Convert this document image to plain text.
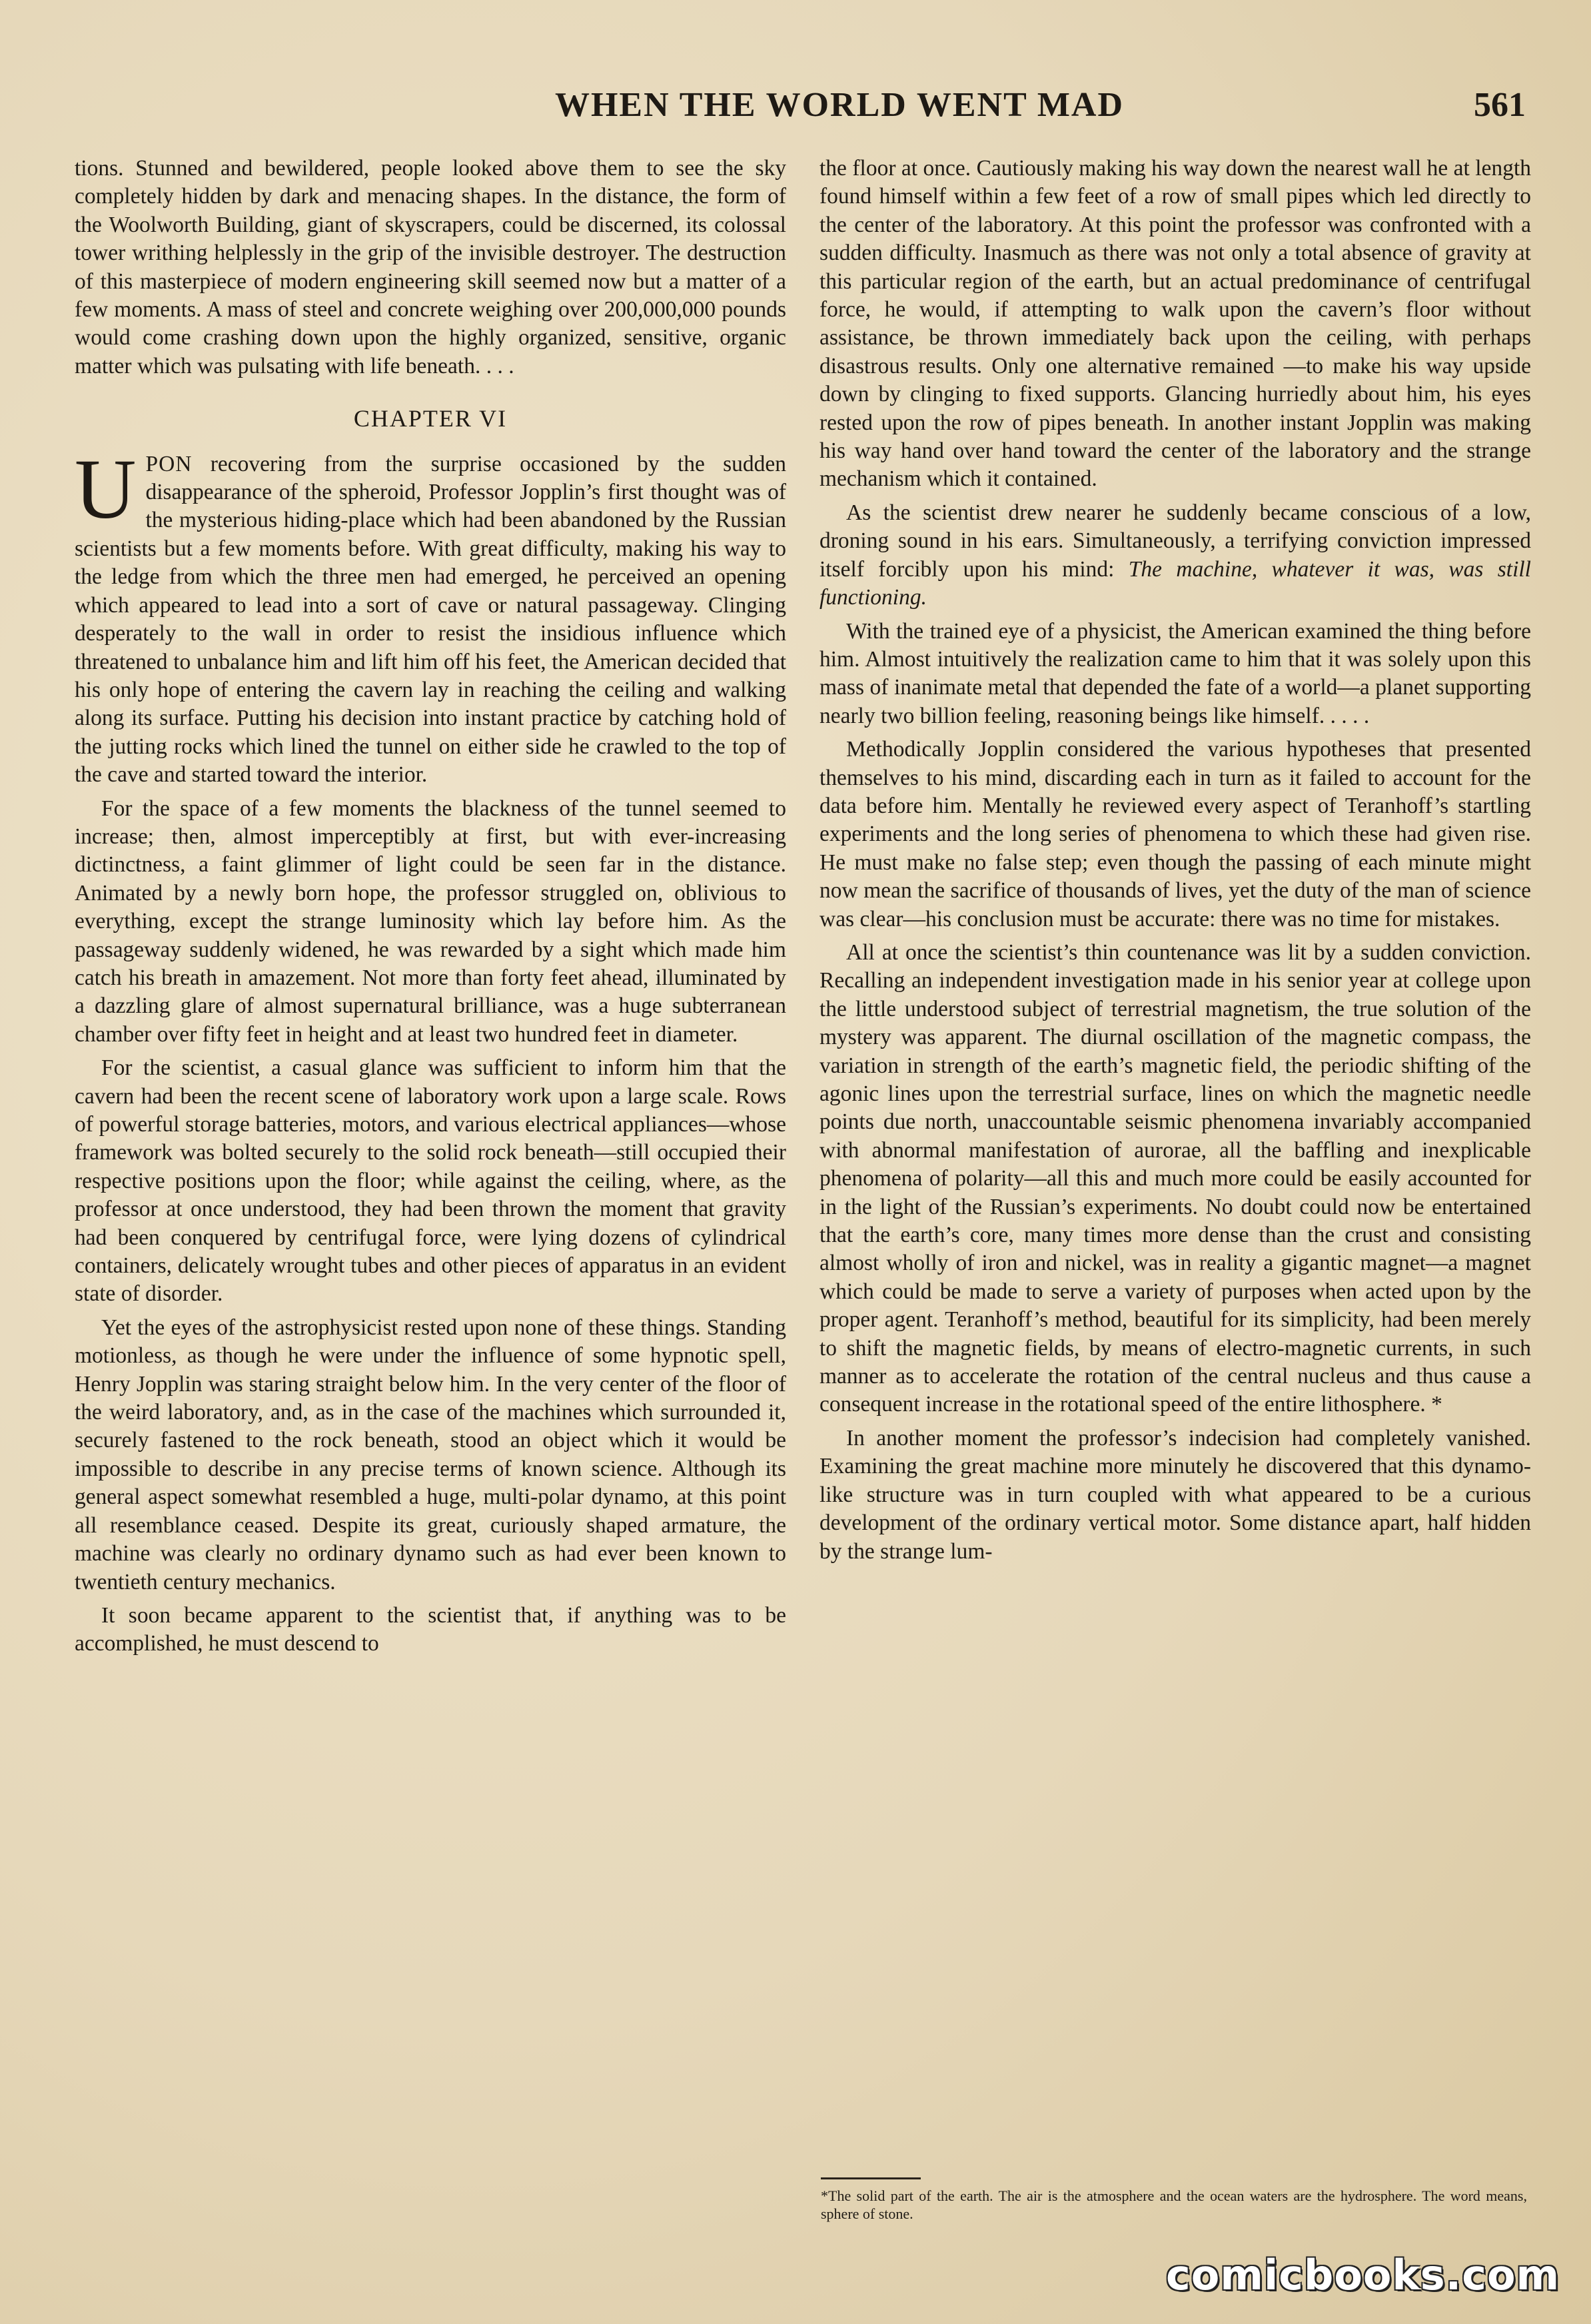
WHEN THE WORLD WENT MAD	561

tions. Stunned and bewildered, people looked above them to see the sky completely hidden by dark and menacing shapes. In the distance, the form of the Woolworth Building, giant of skyscrapers, could be discerned, its colossal tower writhing helplessly in the grip of the invisible destroyer. The destruction of this masterpiece of modern engineering skill seemed now but a matter of a few moments. A mass of steel and concrete weighing over 200,000,000 pounds would come crashing down upon the highly organized, sensitive, organic matter which was pulsating with life beneath. . . .

CHAPTER VI

UPON recovering from the surprise occasioned by the sudden disappearance of the spheroid, Professor Jopplin’s first thought was of the mysterious hiding-place which had been abandoned by the Russian scientists but a few moments before. With great difficulty, making his way to the ledge from which the three men had emerged, he perceived an opening which appeared to lead into a sort of cave or natural passageway. Clinging desperately to the wall in order to resist the insidious influence which threatened to unbalance him and lift him off his feet, the American decided that his only hope of entering the cavern lay in reaching the ceiling and walking along its surface. Putting his decision into instant practice by catching hold of the jutting rocks which lined the tunnel on either side he crawled to the top of the cave and started toward the interior.

For the space of a few moments the blackness of the tunnel seemed to increase; then, almost imperceptibly at first, but with ever-increasing dictinctness, a faint glimmer of light could be seen far in the distance. Animated by a newly born hope, the professor struggled on, oblivious to everything, except the strange luminosity which lay before him. As the passageway suddenly widened, he was rewarded by a sight which made him catch his breath in amazement. Not more than forty feet ahead, illuminated by a dazzling glare of almost supernatural brilliance, was a huge subterranean chamber over fifty feet in height and at least two hundred feet in diameter.

For the scientist, a casual glance was sufficient to inform him that the cavern had been the recent scene of laboratory work upon a large scale. Rows of powerful storage batteries, motors, and various electrical appliances—whose framework was bolted securely to the solid rock beneath—still occupied their respective positions upon the floor; while against the ceiling, where, as the professor at once understood, they had been thrown the moment that gravity had been conquered by centrifugal force, were lying dozens of cylindrical containers, delicately wrought tubes and other pieces of apparatus in an evident state of disorder.

Yet the eyes of the astrophysicist rested upon none of these things. Standing motionless, as though he were under the influence of some hypnotic spell, Henry Jopplin was staring straight below him. In the very center of the floor of the weird laboratory, and, as in the case of the machines which surrounded it, securely fastened to the rock beneath, stood an object which it would be impossible to describe in any precise terms of known science. Although its general aspect somewhat resembled a huge, multi-polar dynamo, at this point all resemblance ceased. Despite its great, curiously shaped armature, the machine was clearly no ordinary dynamo such as had ever been known to twentieth century mechanics.

It soon became apparent to the scientist that, if anything was to be accomplished, he must descend to

the floor at once. Cautiously making his way down the nearest wall he at length found himself within a few feet of a row of small pipes which led directly to the center of the laboratory. At this point the professor was confronted with a sudden difficulty. Inasmuch as there was not only a total absence of gravity at this particular region of the earth, but an actual predominance of centrifugal force, he would, if attempting to walk upon the cavern’s floor without assistance, be thrown immediately back upon the ceiling, with perhaps disastrous results. Only one alternative remained —to make his way upside down by clinging to fixed supports. Glancing hurriedly about him, his eyes rested upon the row of pipes beneath. In another instant Jopplin was making his way hand over hand toward the center of the laboratory and the strange mechanism which it contained.

As the scientist drew nearer he suddenly became conscious of a low, droning sound in his ears. Simultaneously, a terrifying conviction impressed itself forcibly upon his mind: The machine, whatever it was, was still functioning.

With the trained eye of a physicist, the American examined the thing before him. Almost intuitively the realization came to him that it was solely upon this mass of inanimate metal that depended the fate of a world—a planet supporting nearly two billion feeling, reasoning beings like himself. . . . .

Methodically Jopplin considered the various hypotheses that presented themselves to his mind, discarding each in turn as it failed to account for the data before him. Mentally he reviewed every aspect of Teranhoff’s startling experiments and the long series of phenomena to which these had given rise. He must make no false step; even though the passing of each minute might now mean the sacrifice of thousands of lives, yet the duty of the man of science was clear—his conclusion must be accurate: there was no time for mistakes.

All at once the scientist’s thin countenance was lit by a sudden conviction. Recalling an independent investigation made in his senior year at college upon the little understood subject of terrestrial magnetism, the true solution of the mystery was apparent. The diurnal oscillation of the magnetic compass, the variation in strength of the earth’s magnetic field, the periodic shifting of the agonic lines upon the terrestrial surface, lines on which the magnetic needle points due north, unaccountable seismic phenomena invariably accompanied with abnormal manifestation of aurorae, all the baffling and inexplicable phenomena of polarity—all this and much more could be easily accounted for in the light of the Russian’s experiments. No doubt could now be entertained that the earth’s core, many times more dense than the crust and consisting almost wholly of iron and nickel, was in reality a gigantic magnet—a magnet which could be made to serve a variety of purposes when acted upon by the proper agent. Teranhoff’s method, beautiful for its simplicity, had been merely to shift the magnetic fields, by means of electro-magnetic currents, in such manner as to accelerate the rotation of the central nucleus and thus cause a consequent increase in the rotational speed of the entire lithosphere. *

In another moment the professor’s indecision had completely vanished. Examining the great machine more minutely he discovered that this dynamo-like structure was in turn coupled with what appeared to be a curious development of the ordinary vertical motor. Some distance apart, half hidden by the strange lum-

*The solid part of the earth. The air is the atmosphere and the ocean waters are the hydrosphere. The word means, sphere of stone.
comicbooks.com
